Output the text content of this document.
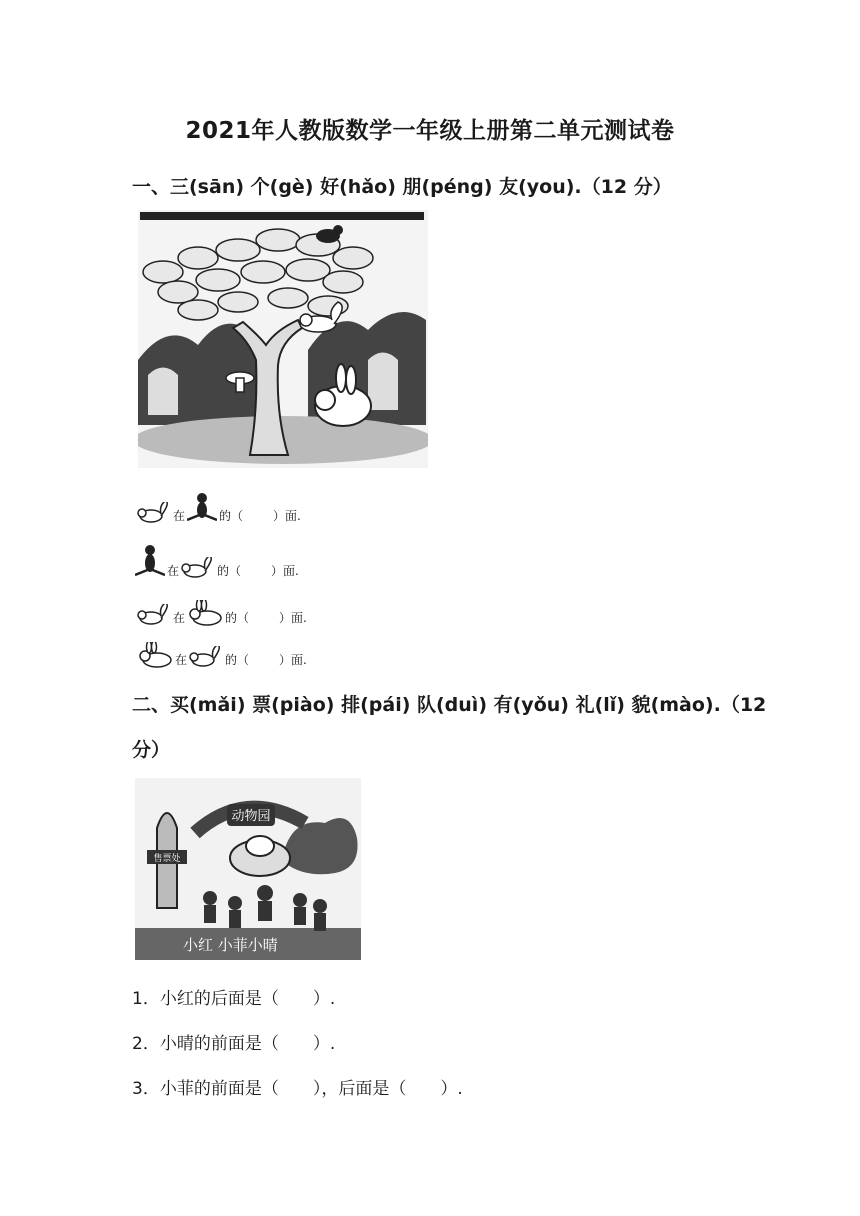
2021年人教版数学一年级上册第二单元测试卷
一、三(sān) 个(gè) 好(hǎo) 朋(péng) 友(you).（12 分）
在	的（	）面.
在	的（	）面.
在	的（	）面.
在	的（	）面.
二、买(mǎi) 票(piào) 排(pái) 队(duì) 有(yǒu) 礼(lǐ) 貌(mào).（12
分）
动物园
售票处
小红 小菲小晴
1．小红的后面是（　　）.
2．小晴的前面是（　　）.
3．小菲的前面是（　　），后面是（　　）.
